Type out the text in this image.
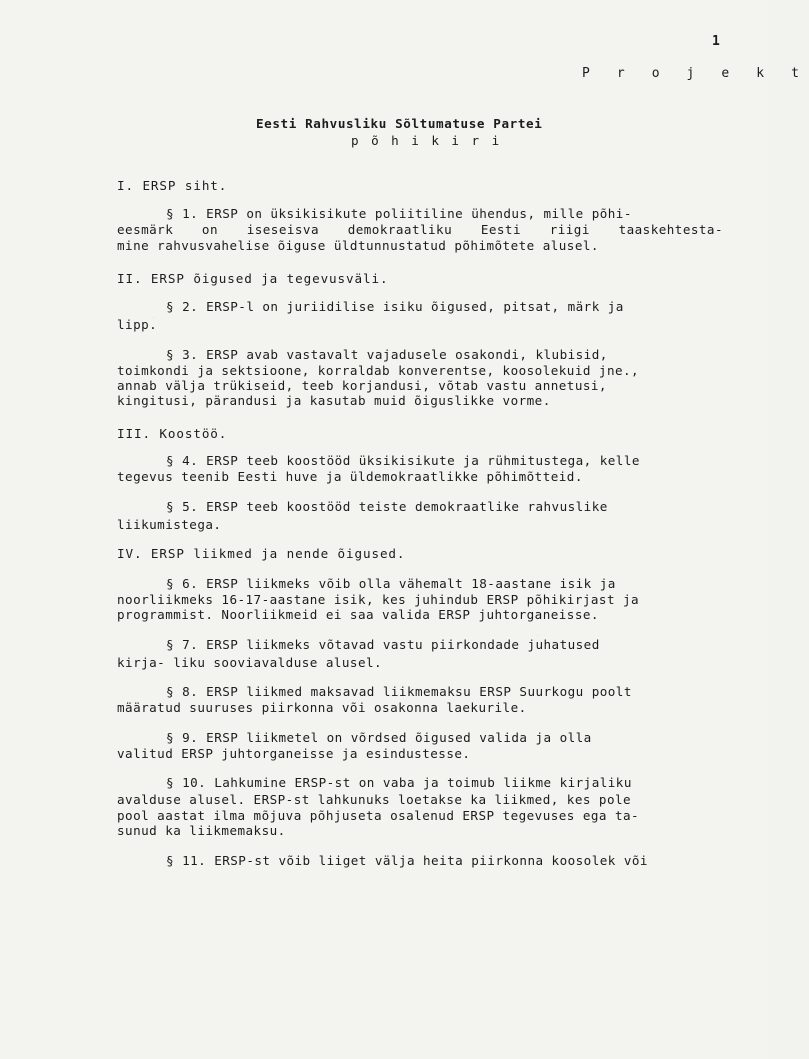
1
P r o j e k t
Eesti Rahvusliku Sõltumatuse Partei
põhikiri
I. ERSP siht.
§ 1. ERSP on üksikisikute poliitiline ühendus, mille põhi-
eesmärk on iseseisva demokraatliku Eesti riigi taaskehtesta-
mine rahvusvahelise õiguse üldtunnustatud põhimõtete alusel.
II. ERSP õigused ja tegevusväli.
§ 2. ERSP-l on juriidilise isiku õigused, pitsat, märk ja
lipp.
§ 3. ERSP avab vastavalt vajadusele osakondi, klubisid,
toimkondi ja sektsioone, korraldab konverentse, koosolekuid jne.,
annab välja trükiseid, teeb korjandusi, võtab vastu annetusi,
kingitusi, pärandusi ja kasutab muid õiguslikke vorme.
III. Koostöö.
§ 4. ERSP teeb koostööd üksikisikute ja rühmitustega, kelle
tegevus teenib Eesti huve ja üldemokraatlikke põhimõtteid.
§ 5. ERSP teeb koostööd teiste demokraatlike rahvuslike
liikumistega.
IV. ERSP liikmed ja nende õigused.
§ 6. ERSP liikmeks võib olla vähemalt 18-aastane isik ja
noorliikmeks 16-17-aastane isik, kes juhindub ERSP põhikirjast ja
programmist. Noorliikmeid ei saa valida ERSP juhtorganeisse.
§ 7. ERSP liikmeks võtavad vastu piirkondade juhatused
kirja- liku sooviavalduse alusel.
§ 8. ERSP liikmed maksavad liikmemaksu ERSP Suurkogu poolt
määratud suuruses piirkonna või osakonna laekurile.
§ 9. ERSP liikmetel on võrdsed õigused valida ja olla
valitud ERSP juhtorganeisse ja esindustesse.
§ 10. Lahkumine ERSP-st on vaba ja toimub liikme kirjaliku
avalduse alusel. ERSP-st lahkunuks loetakse ka liikmed, kes pole
pool aastat ilma mõjuva põhjuseta osalenud ERSP tegevuses ega ta-
sunud ka liikmemaksu.
§ 11. ERSP-st võib liiget välja heita piirkonna koosolek või
